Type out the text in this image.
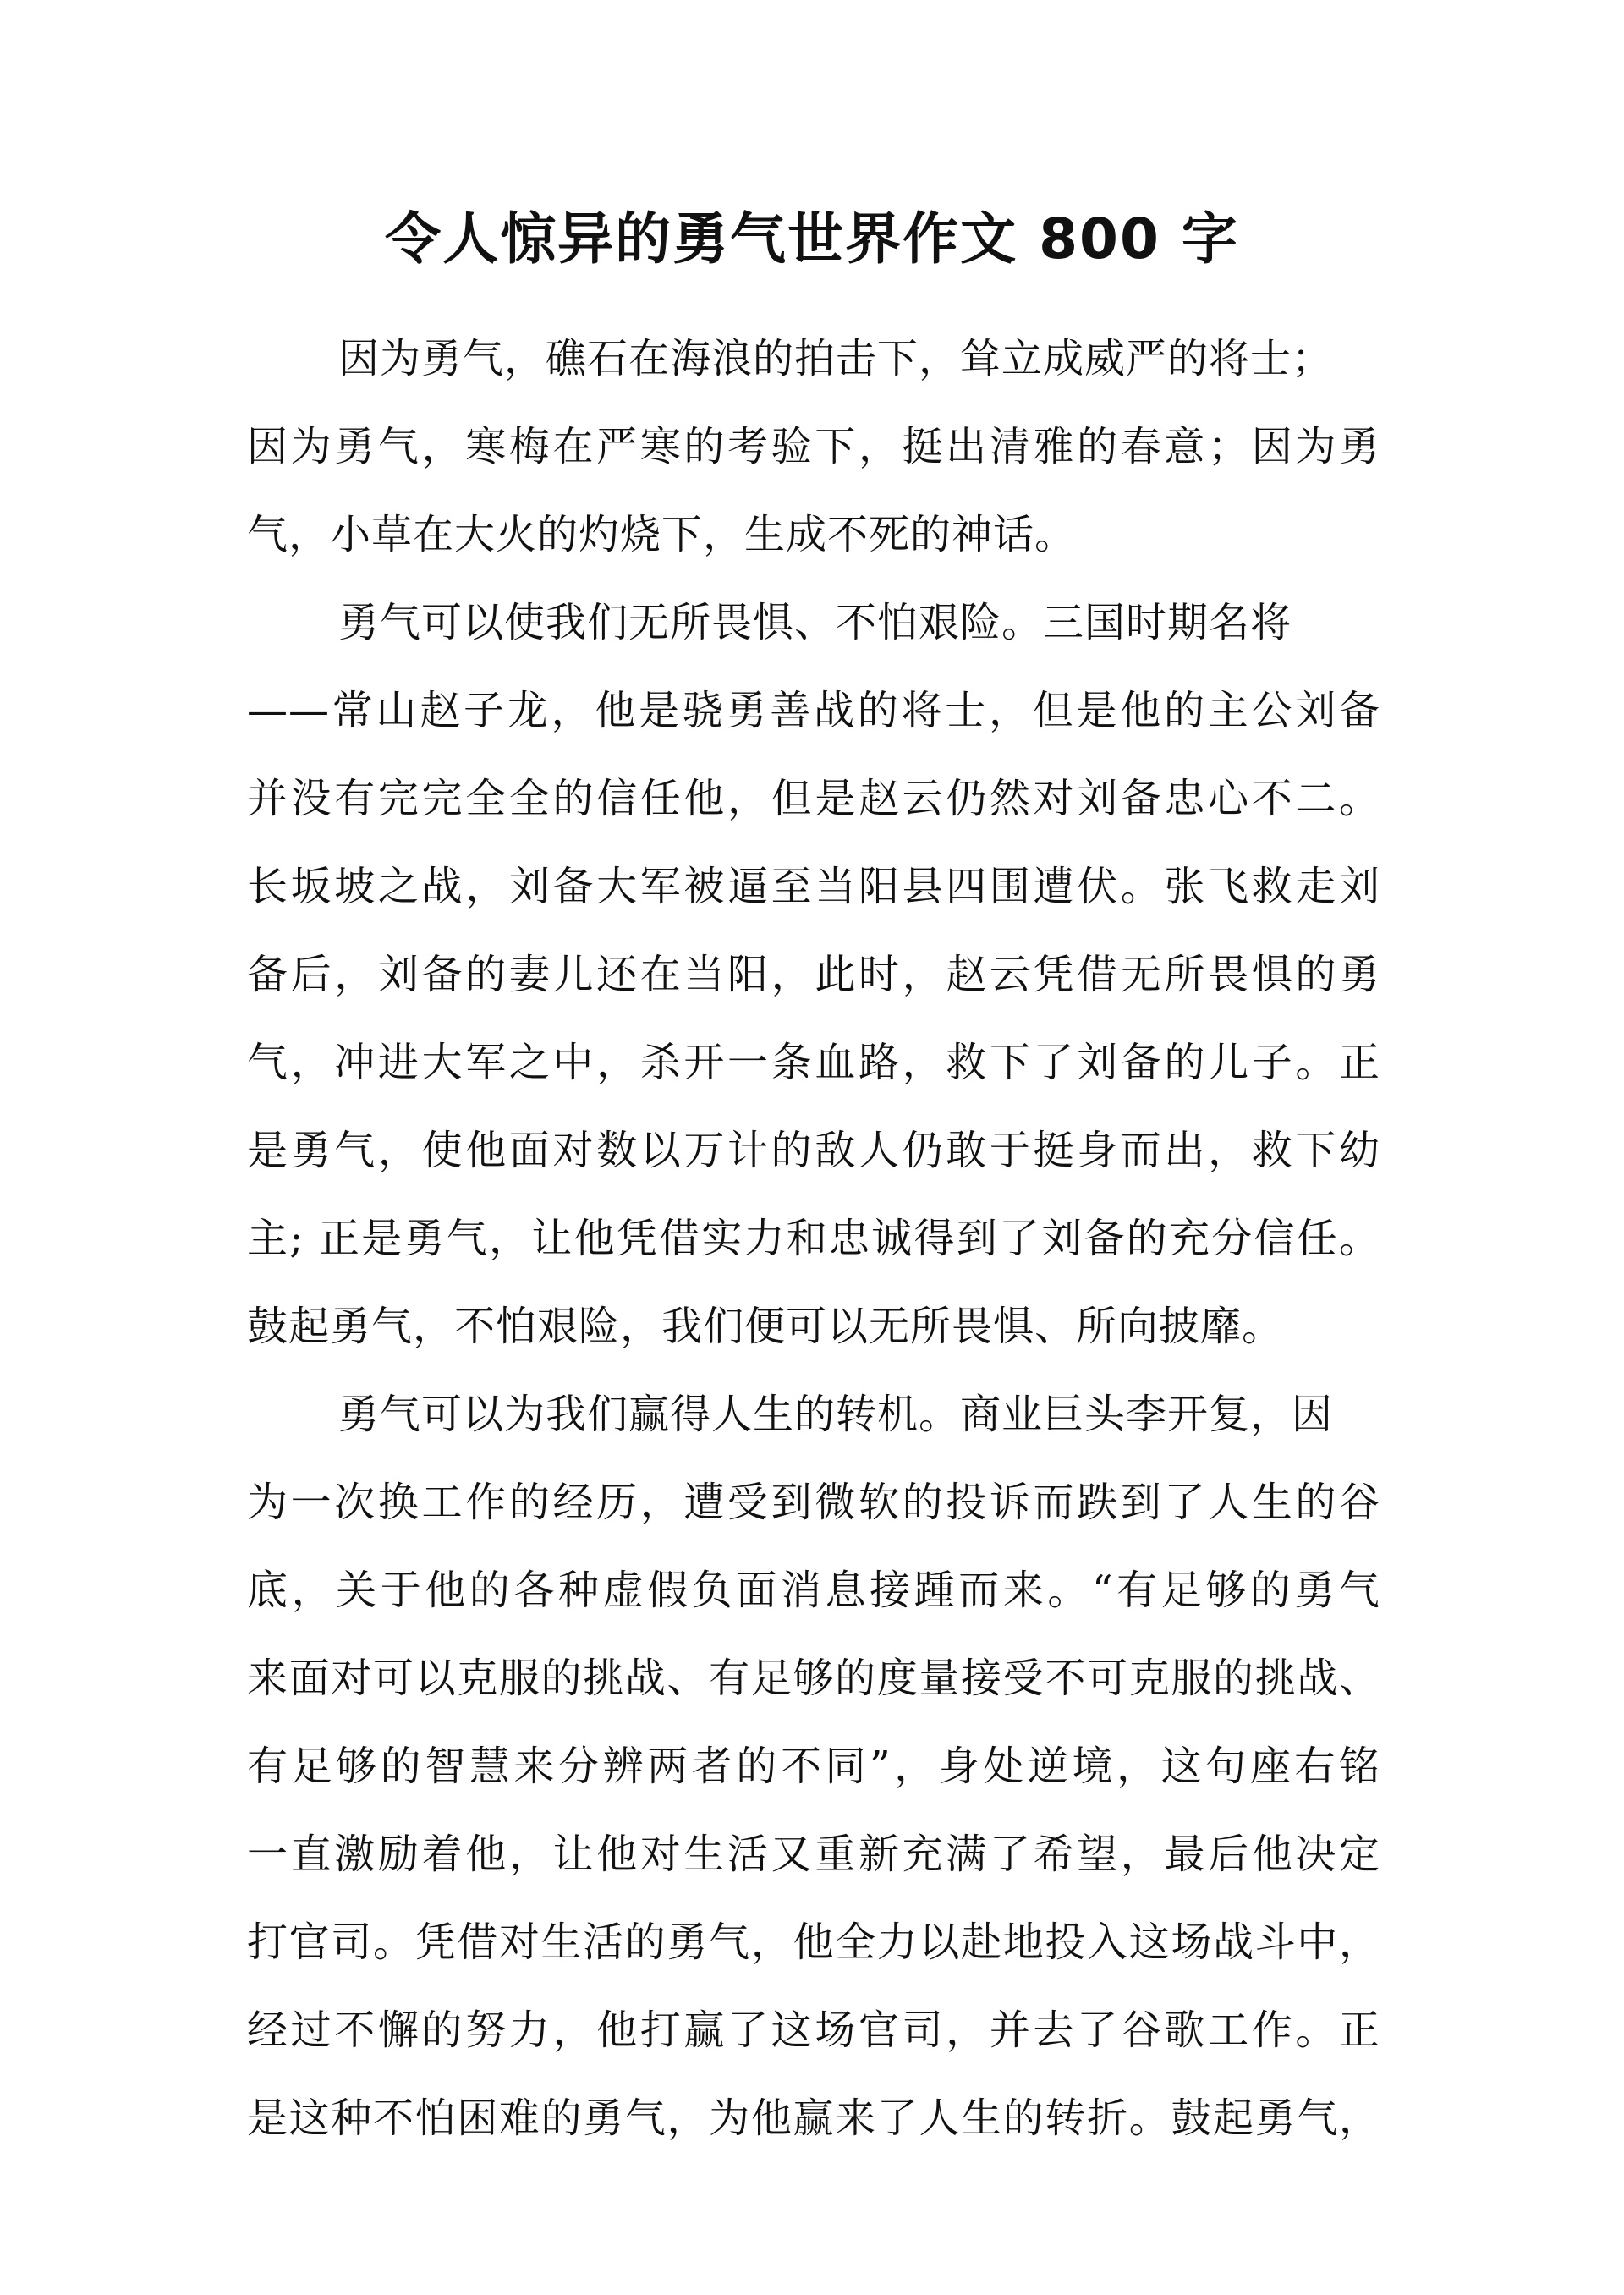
令人惊异的勇气世界作文 800 字
因为勇气，礁石在海浪的拍击下，耸立成威严的将士；
因为勇气，寒梅在严寒的考验下，挺出清雅的春意；因为勇
气，小草在大火的灼烧下，生成不死的神话。
勇气可以使我们无所畏惧、不怕艰险。三国时期名将
——常山赵子龙，他是骁勇善战的将士，但是他的主公刘备
并没有完完全全的信任他，但是赵云仍然对刘备忠心不二。
长坂坡之战，刘备大军被逼至当阳县四围遭伏。张飞救走刘
备后，刘备的妻儿还在当阳，此时，赵云凭借无所畏惧的勇
气，冲进大军之中，杀开一条血路，救下了刘备的儿子。正
是勇气，使他面对数以万计的敌人仍敢于挺身而出，救下幼
主; 正是勇气，让他凭借实力和忠诚得到了刘备的充分信任。
鼓起勇气，不怕艰险，我们便可以无所畏惧、所向披靡。
勇气可以为我们赢得人生的转机。商业巨头李开复，因
为一次换工作的经历，遭受到微软的投诉而跌到了人生的谷
底，关于他的各种虚假负面消息接踵而来。“有足够的勇气
来面对可以克服的挑战、有足够的度量接受不可克服的挑战、
有足够的智慧来分辨两者的不同”，身处逆境，这句座右铭
一直激励着他，让他对生活又重新充满了希望，最后他决定
打官司。凭借对生活的勇气，他全力以赴地投入这场战斗中，
经过不懈的努力，他打赢了这场官司，并去了谷歌工作。正
是这种不怕困难的勇气，为他赢来了人生的转折。鼓起勇气，
